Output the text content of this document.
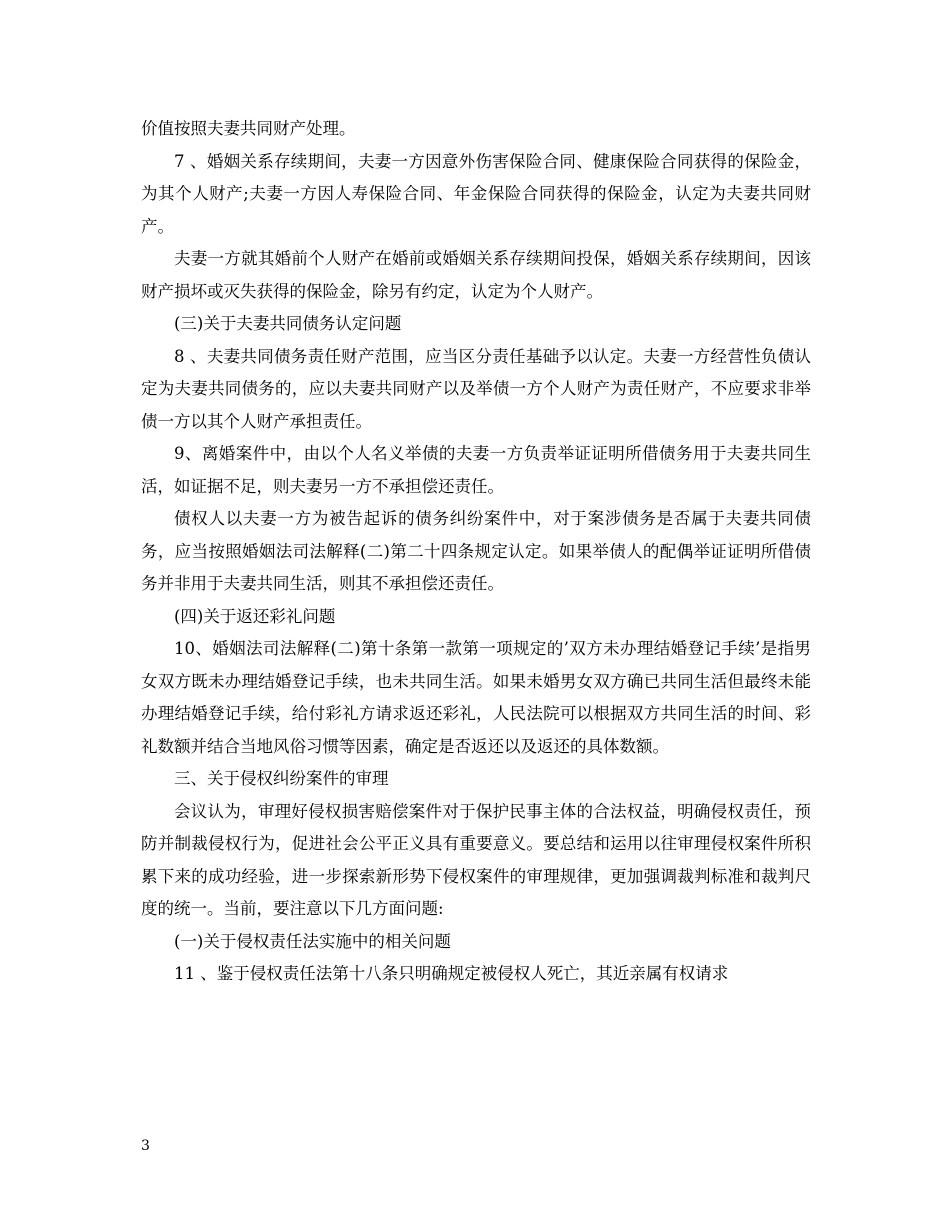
价值按照夫妻共同财产处理。

7 、婚姻关系存续期间，夫妻一方因意外伤害保险合同、健康保险合同获得的保险金，为其个人财产;夫妻一方因人寿保险合同、年金保险合同获得的保险金，认定为夫妻共同财产。

夫妻一方就其婚前个人财产在婚前或婚姻关系存续期间投保，婚姻关系存续期间，因该财产损坏或灭失获得的保险金，除另有约定，认定为个人财产。

(三)关于夫妻共同债务认定问题

8 、夫妻共同债务责任财产范围，应当区分责任基础予以认定。夫妻一方经营性负债认定为夫妻共同债务的，应以夫妻共同财产以及举债一方个人财产为责任财产，不应要求非举债一方以其个人财产承担责任。

9、离婚案件中，由以个人名义举债的夫妻一方负责举证证明所借债务用于夫妻共同生活，如证据不足，则夫妻另一方不承担偿还责任。

债权人以夫妻一方为被告起诉的债务纠纷案件中，对于案涉债务是否属于夫妻共同债务，应当按照婚姻法司法解释(二)第二十四条规定认定。如果举债人的配偶举证证明所借债务并非用于夫妻共同生活，则其不承担偿还责任。

(四)关于返还彩礼问题

10、婚姻法司法解释(二)第十条第一款第一项规定的’双方未办理结婚登记手续’是指男女双方既未办理结婚登记手续，也未共同生活。如果未婚男女双方确已共同生活但最终未能办理结婚登记手续，给付彩礼方请求返还彩礼，人民法院可以根据双方共同生活的时间、彩礼数额并结合当地风俗习惯等因素，确定是否返还以及返还的具体数额。

三、关于侵权纠纷案件的审理

会议认为，审理好侵权损害赔偿案件对于保护民事主体的合法权益，明确侵权责任，预防并制裁侵权行为，促进社会公平正义具有重要意义。要总结和运用以往审理侵权案件所积累下来的成功经验，进一步探索新形势下侵权案件的审理规律，更加强调裁判标准和裁判尺度的统一。当前，要注意以下几方面问题:

(一)关于侵权责任法实施中的相关问题

11 、鉴于侵权责任法第十八条只明确规定被侵权人死亡，其近亲属有权请求

3
